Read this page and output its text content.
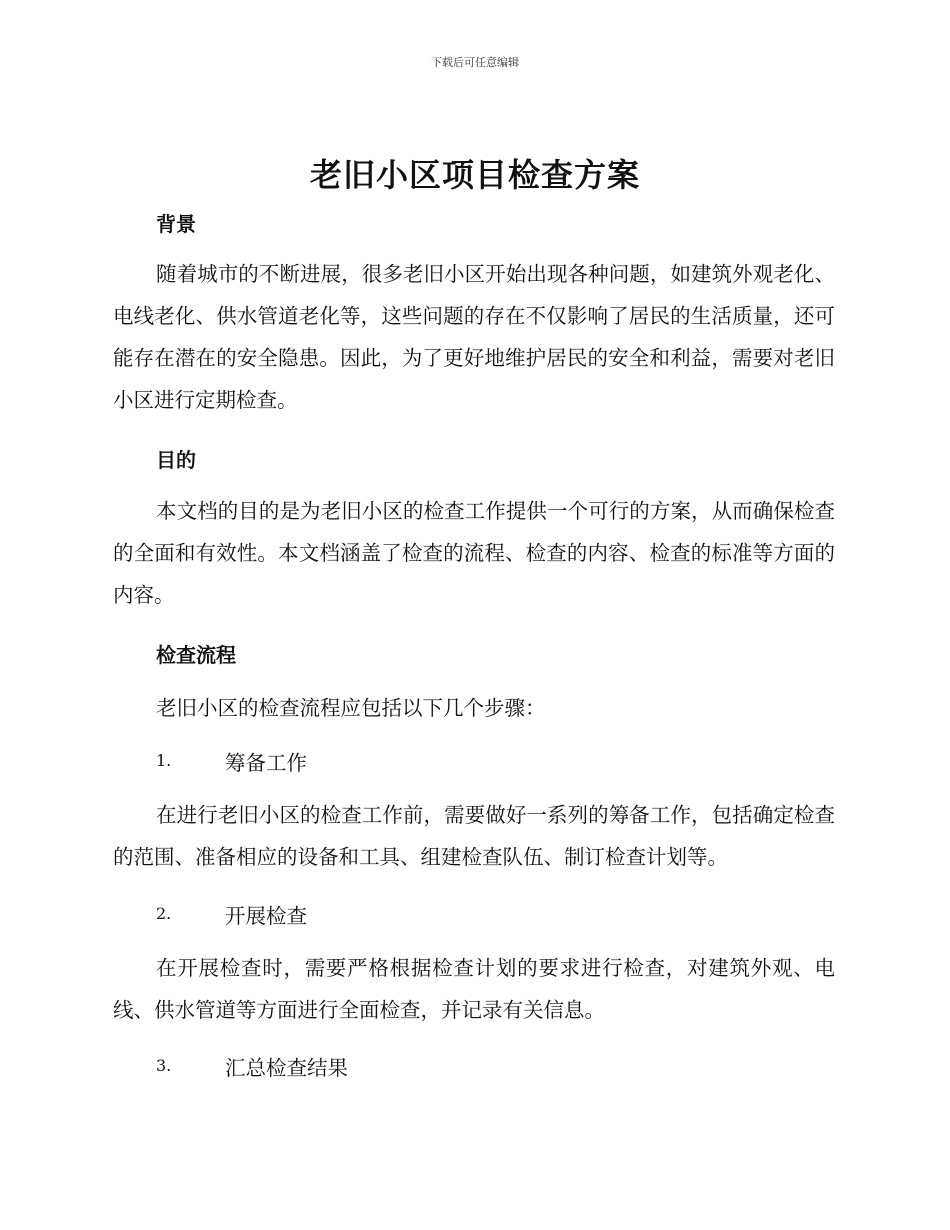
下载后可任意编辑
老旧小区项目检查方案
背景
随着城市的不断进展，很多老旧小区开始出现各种问题，如建筑外观老化、电线老化、供水管道老化等，这些问题的存在不仅影响了居民的生活质量，还可能存在潜在的安全隐患。因此，为了更好地维护居民的安全和利益，需要对老旧小区进行定期检查。
目的
本文档的目的是为老旧小区的检查工作提供一个可行的方案，从而确保检查的全面和有效性。本文档涵盖了检查的流程、检查的内容、检查的标准等方面的内容。
检查流程
老旧小区的检查流程应包括以下几个步骤：
1.	筹备工作
在进行老旧小区的检查工作前，需要做好一系列的筹备工作，包括确定检查的范围、准备相应的设备和工具、组建检查队伍、制订检查计划等。
2.	开展检查
在开展检查时，需要严格根据检查计划的要求进行检查，对建筑外观、电线、供水管道等方面进行全面检查，并记录有关信息。
3.	汇总检查结果
